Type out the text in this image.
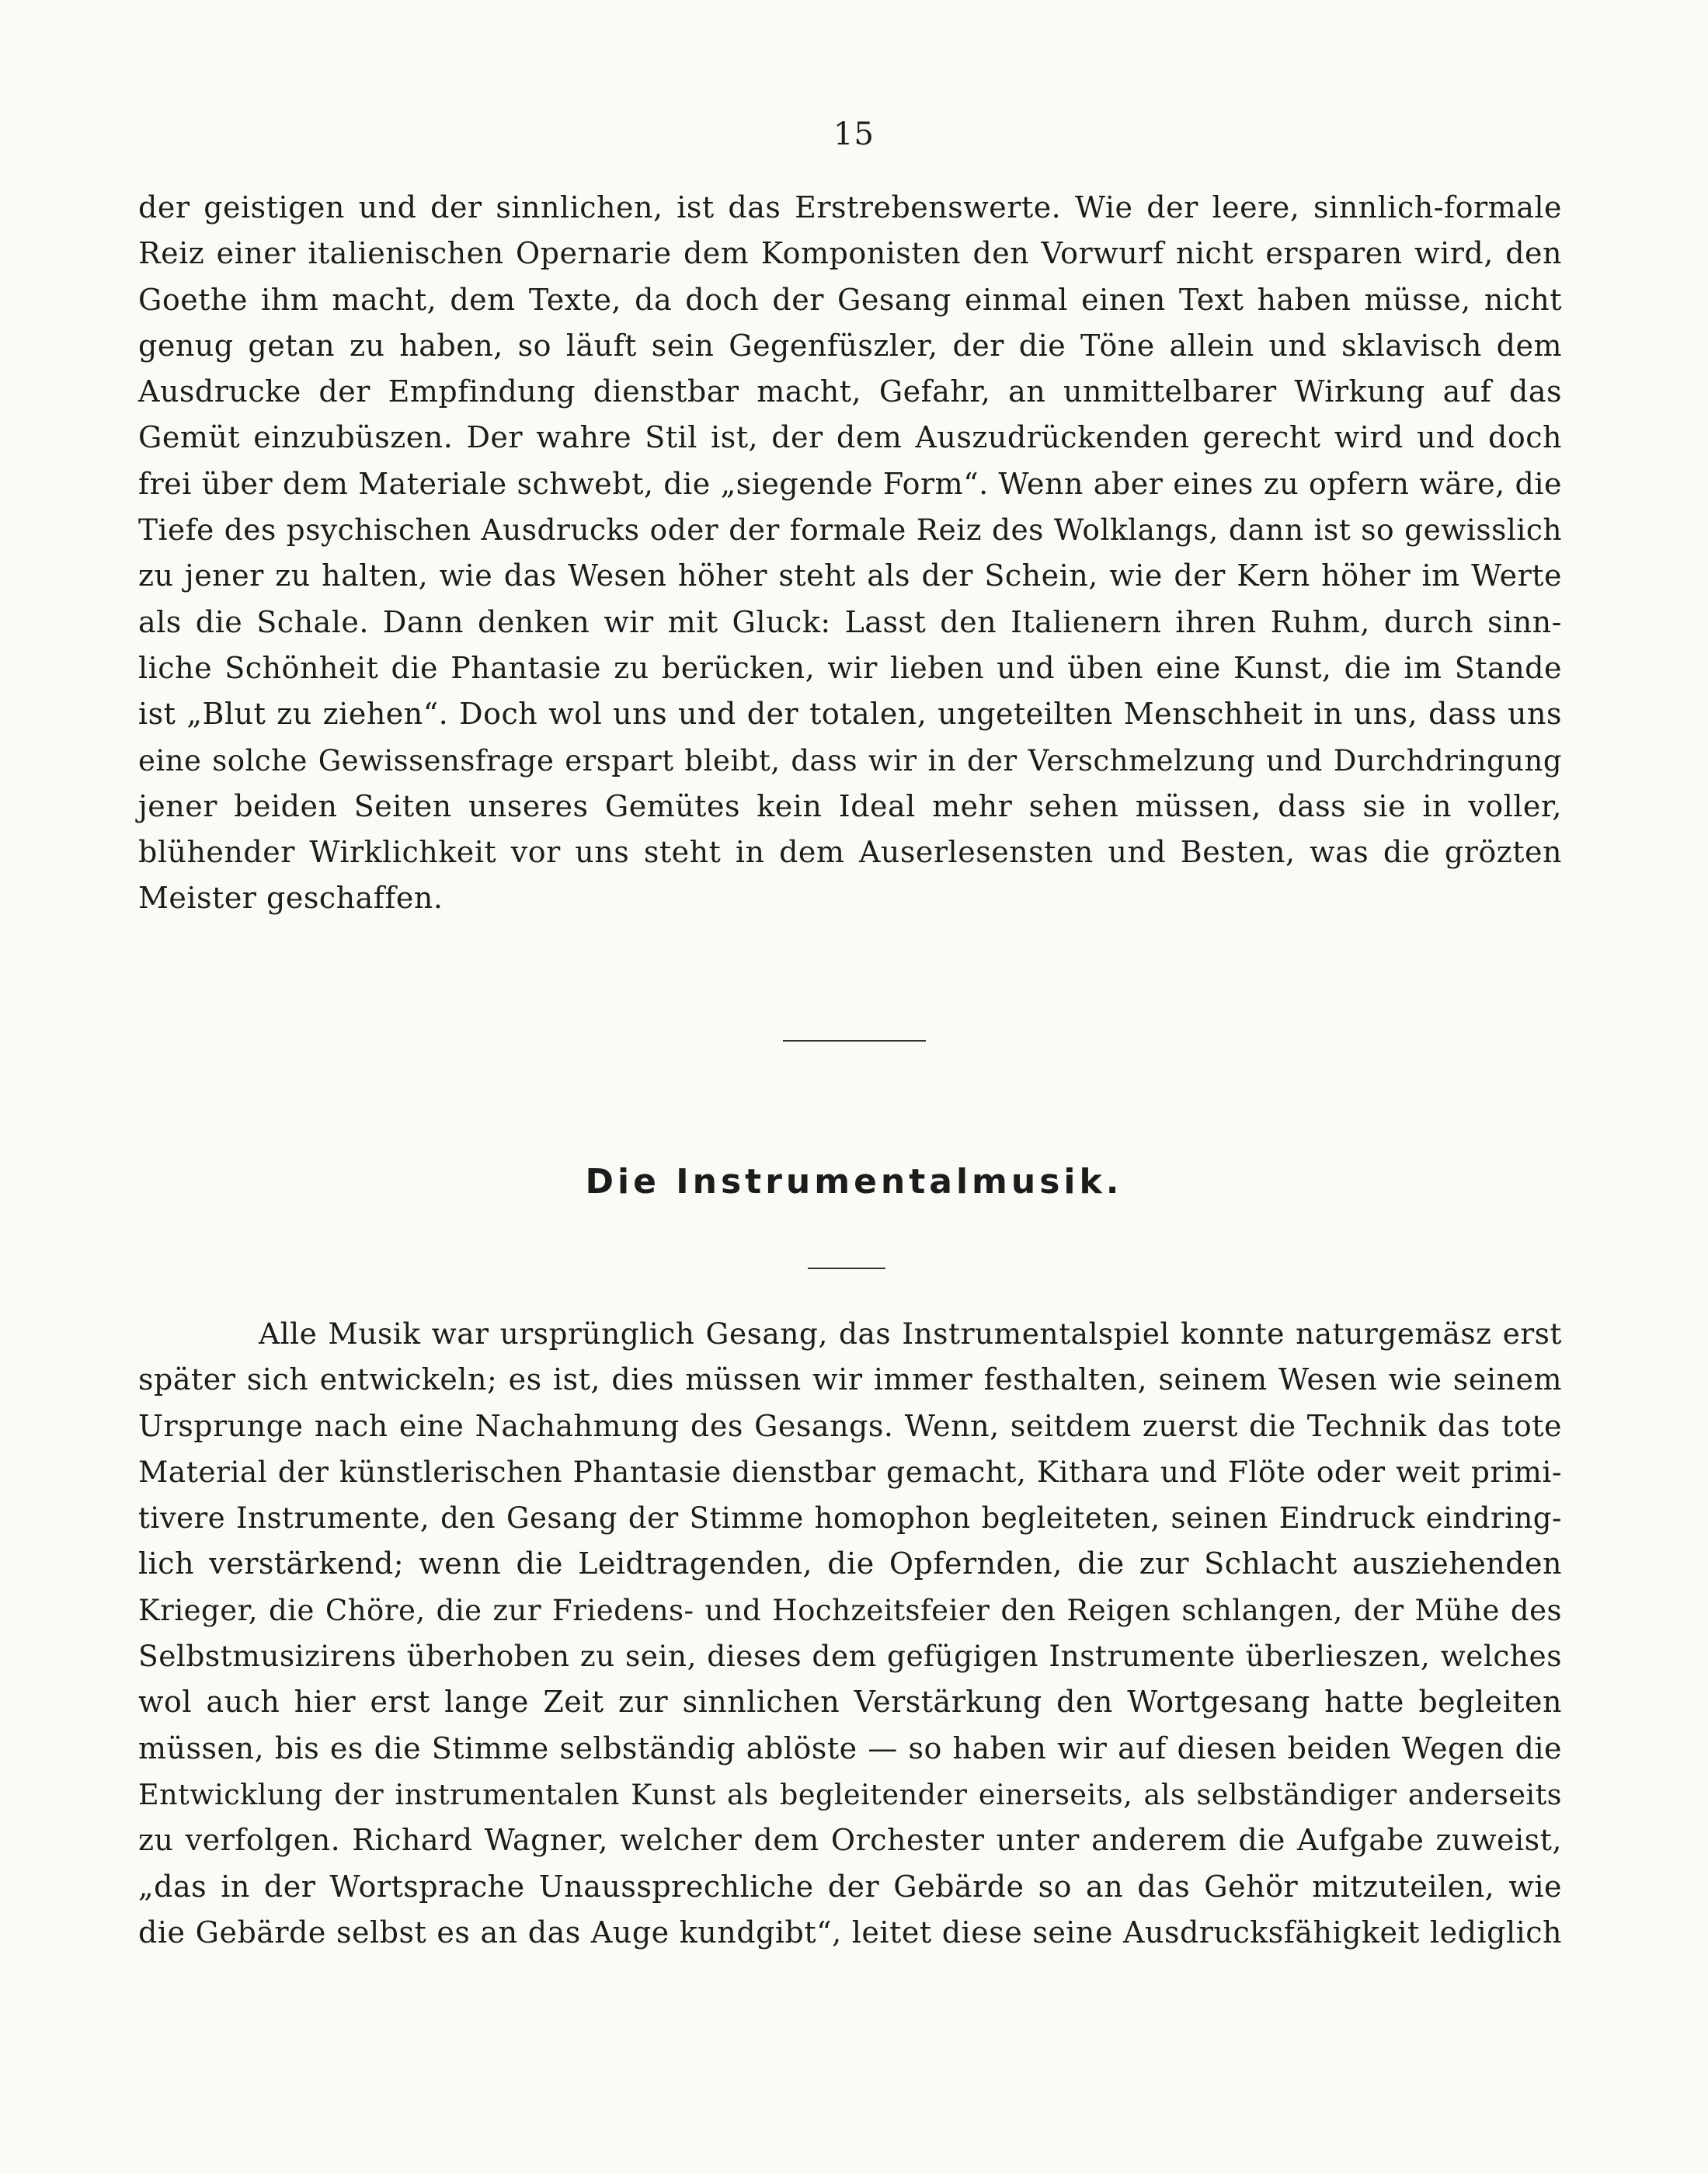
15
der geistigen und der sinnlichen, ist das Erstrebenswerte. Wie der leere, sinnlich-formale
Reiz einer italienischen Opernarie dem Komponisten den Vorwurf nicht ersparen wird, den
Goethe ihm macht, dem Texte, da doch der Gesang einmal einen Text haben müsse, nicht
genug getan zu haben, so läuft sein Gegenfüszler, der die Töne allein und sklavisch dem
Ausdrucke der Empfindung dienstbar macht, Gefahr, an unmittelbarer Wirkung auf das
Gemüt einzubüszen. Der wahre Stil ist, der dem Auszudrückenden gerecht wird und doch
frei über dem Materiale schwebt, die „siegende Form“. Wenn aber eines zu opfern wäre, die
Tiefe des psychischen Ausdrucks oder der formale Reiz des Wolklangs, dann ist so gewisslich
zu jener zu halten, wie das Wesen höher steht als der Schein, wie der Kern höher im Werte
als die Schale. Dann denken wir mit Gluck: Lasst den Italienern ihren Ruhm, durch sinn-
liche Schönheit die Phantasie zu berücken, wir lieben und üben eine Kunst, die im Stande
ist „Blut zu ziehen“. Doch wol uns und der totalen, ungeteilten Menschheit in uns, dass uns
eine solche Gewissensfrage erspart bleibt, dass wir in der Verschmelzung und Durchdringung
jener beiden Seiten unseres Gemütes kein Ideal mehr sehen müssen, dass sie in voller,
blühender Wirklichkeit vor uns steht in dem Auserlesensten und Besten, was die grözten
Meister geschaffen.
Die Instrumentalmusik.
Alle Musik war ursprünglich Gesang, das Instrumentalspiel konnte naturgemäsz erst
später sich entwickeln; es ist, dies müssen wir immer festhalten, seinem Wesen wie seinem
Ursprunge nach eine Nachahmung des Gesangs. Wenn, seitdem zuerst die Technik das tote
Material der künstlerischen Phantasie dienstbar gemacht, Kithara und Flöte oder weit primi-
tivere Instrumente, den Gesang der Stimme homophon begleiteten, seinen Eindruck eindring-
lich verstärkend; wenn die Leidtragenden, die Opfernden, die zur Schlacht ausziehenden
Krieger, die Chöre, die zur Friedens- und Hochzeitsfeier den Reigen schlangen, der Mühe des
Selbstmusizirens überhoben zu sein, dieses dem gefügigen Instrumente überlieszen, welches
wol auch hier erst lange Zeit zur sinnlichen Verstärkung den Wortgesang hatte begleiten
müssen, bis es die Stimme selbständig ablöste — so haben wir auf diesen beiden Wegen die
Entwicklung der instrumentalen Kunst als begleitender einerseits, als selbständiger anderseits
zu verfolgen. Richard Wagner, welcher dem Orchester unter anderem die Aufgabe zuweist,
„das in der Wortsprache Unaussprechliche der Gebärde so an das Gehör mitzuteilen, wie
die Gebärde selbst es an das Auge kundgibt“, leitet diese seine Ausdrucksfähigkeit lediglich
